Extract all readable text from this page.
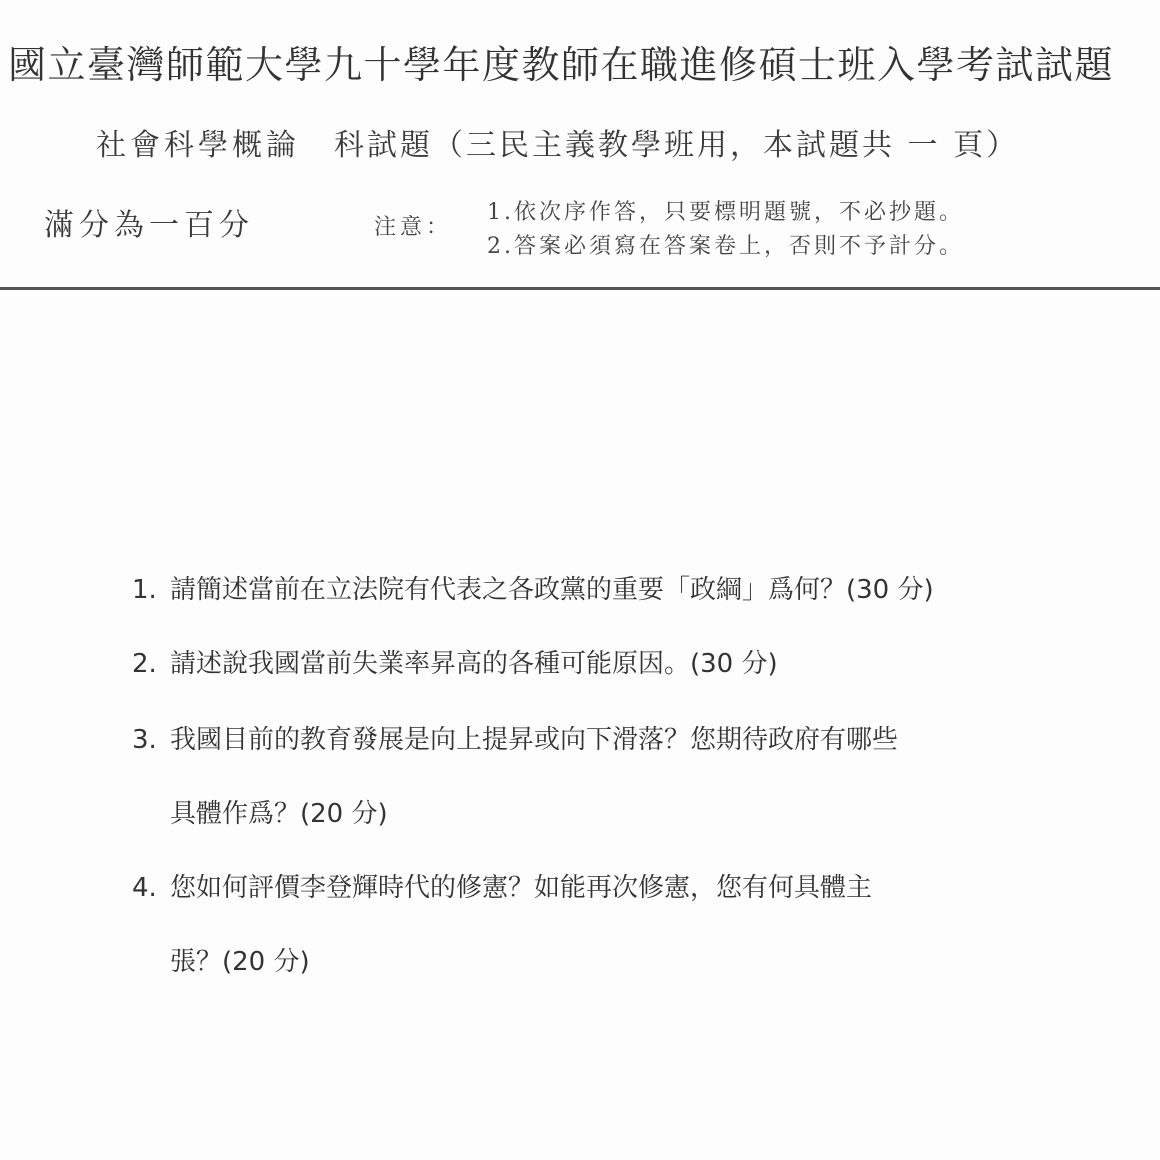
國立臺灣師範大學九十學年度教師在職進修碩士班入學考試試題
社會科學概論 科試題（三民主義教學班用，本試題共 一 頁）
滿分為一百分	注意：
1.依次序作答，只要標明題號，不必抄題。
2.答案必須寫在答案卷上，否則不予計分。
1. 請簡述當前在立法院有代表之各政黨的重要「政綱」爲何？(30 分)
2. 請述說我國當前失業率昇高的各種可能原因。(30 分)
3. 我國目前的教育發展是向上提昇或向下滑落？您期待政府有哪些
具體作爲？(20 分)
4. 您如何評價李登輝時代的修憲？如能再次修憲，您有何具體主
張？(20 分)
